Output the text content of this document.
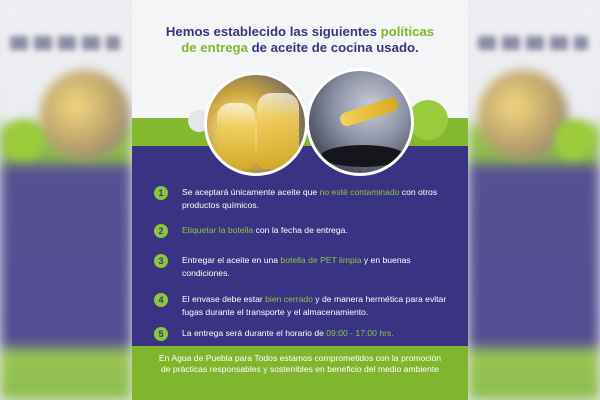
Hemos establecido las siguientes políticas
de entrega de aceite de cocina usado.
1	Se aceptará únicamente aceite que no esté contaminado con otros productos químicos.
2	Etiquetar la botella con la fecha de entrega.
3	Entregar el aceite en una botella de PET limpia y en buenas condiciones.
4	El envase debe estar bien cerrado y de manera hermética para evitar fugas durante el transporte y el almacenamiento.
5	La entrega será durante el horario de 09:00 - 17:00 hrs.
En Agua de Puebla para Todos estamos comprometidos con la promoción de prácticas responsables y sostenibles en beneficio del medio ambiente
